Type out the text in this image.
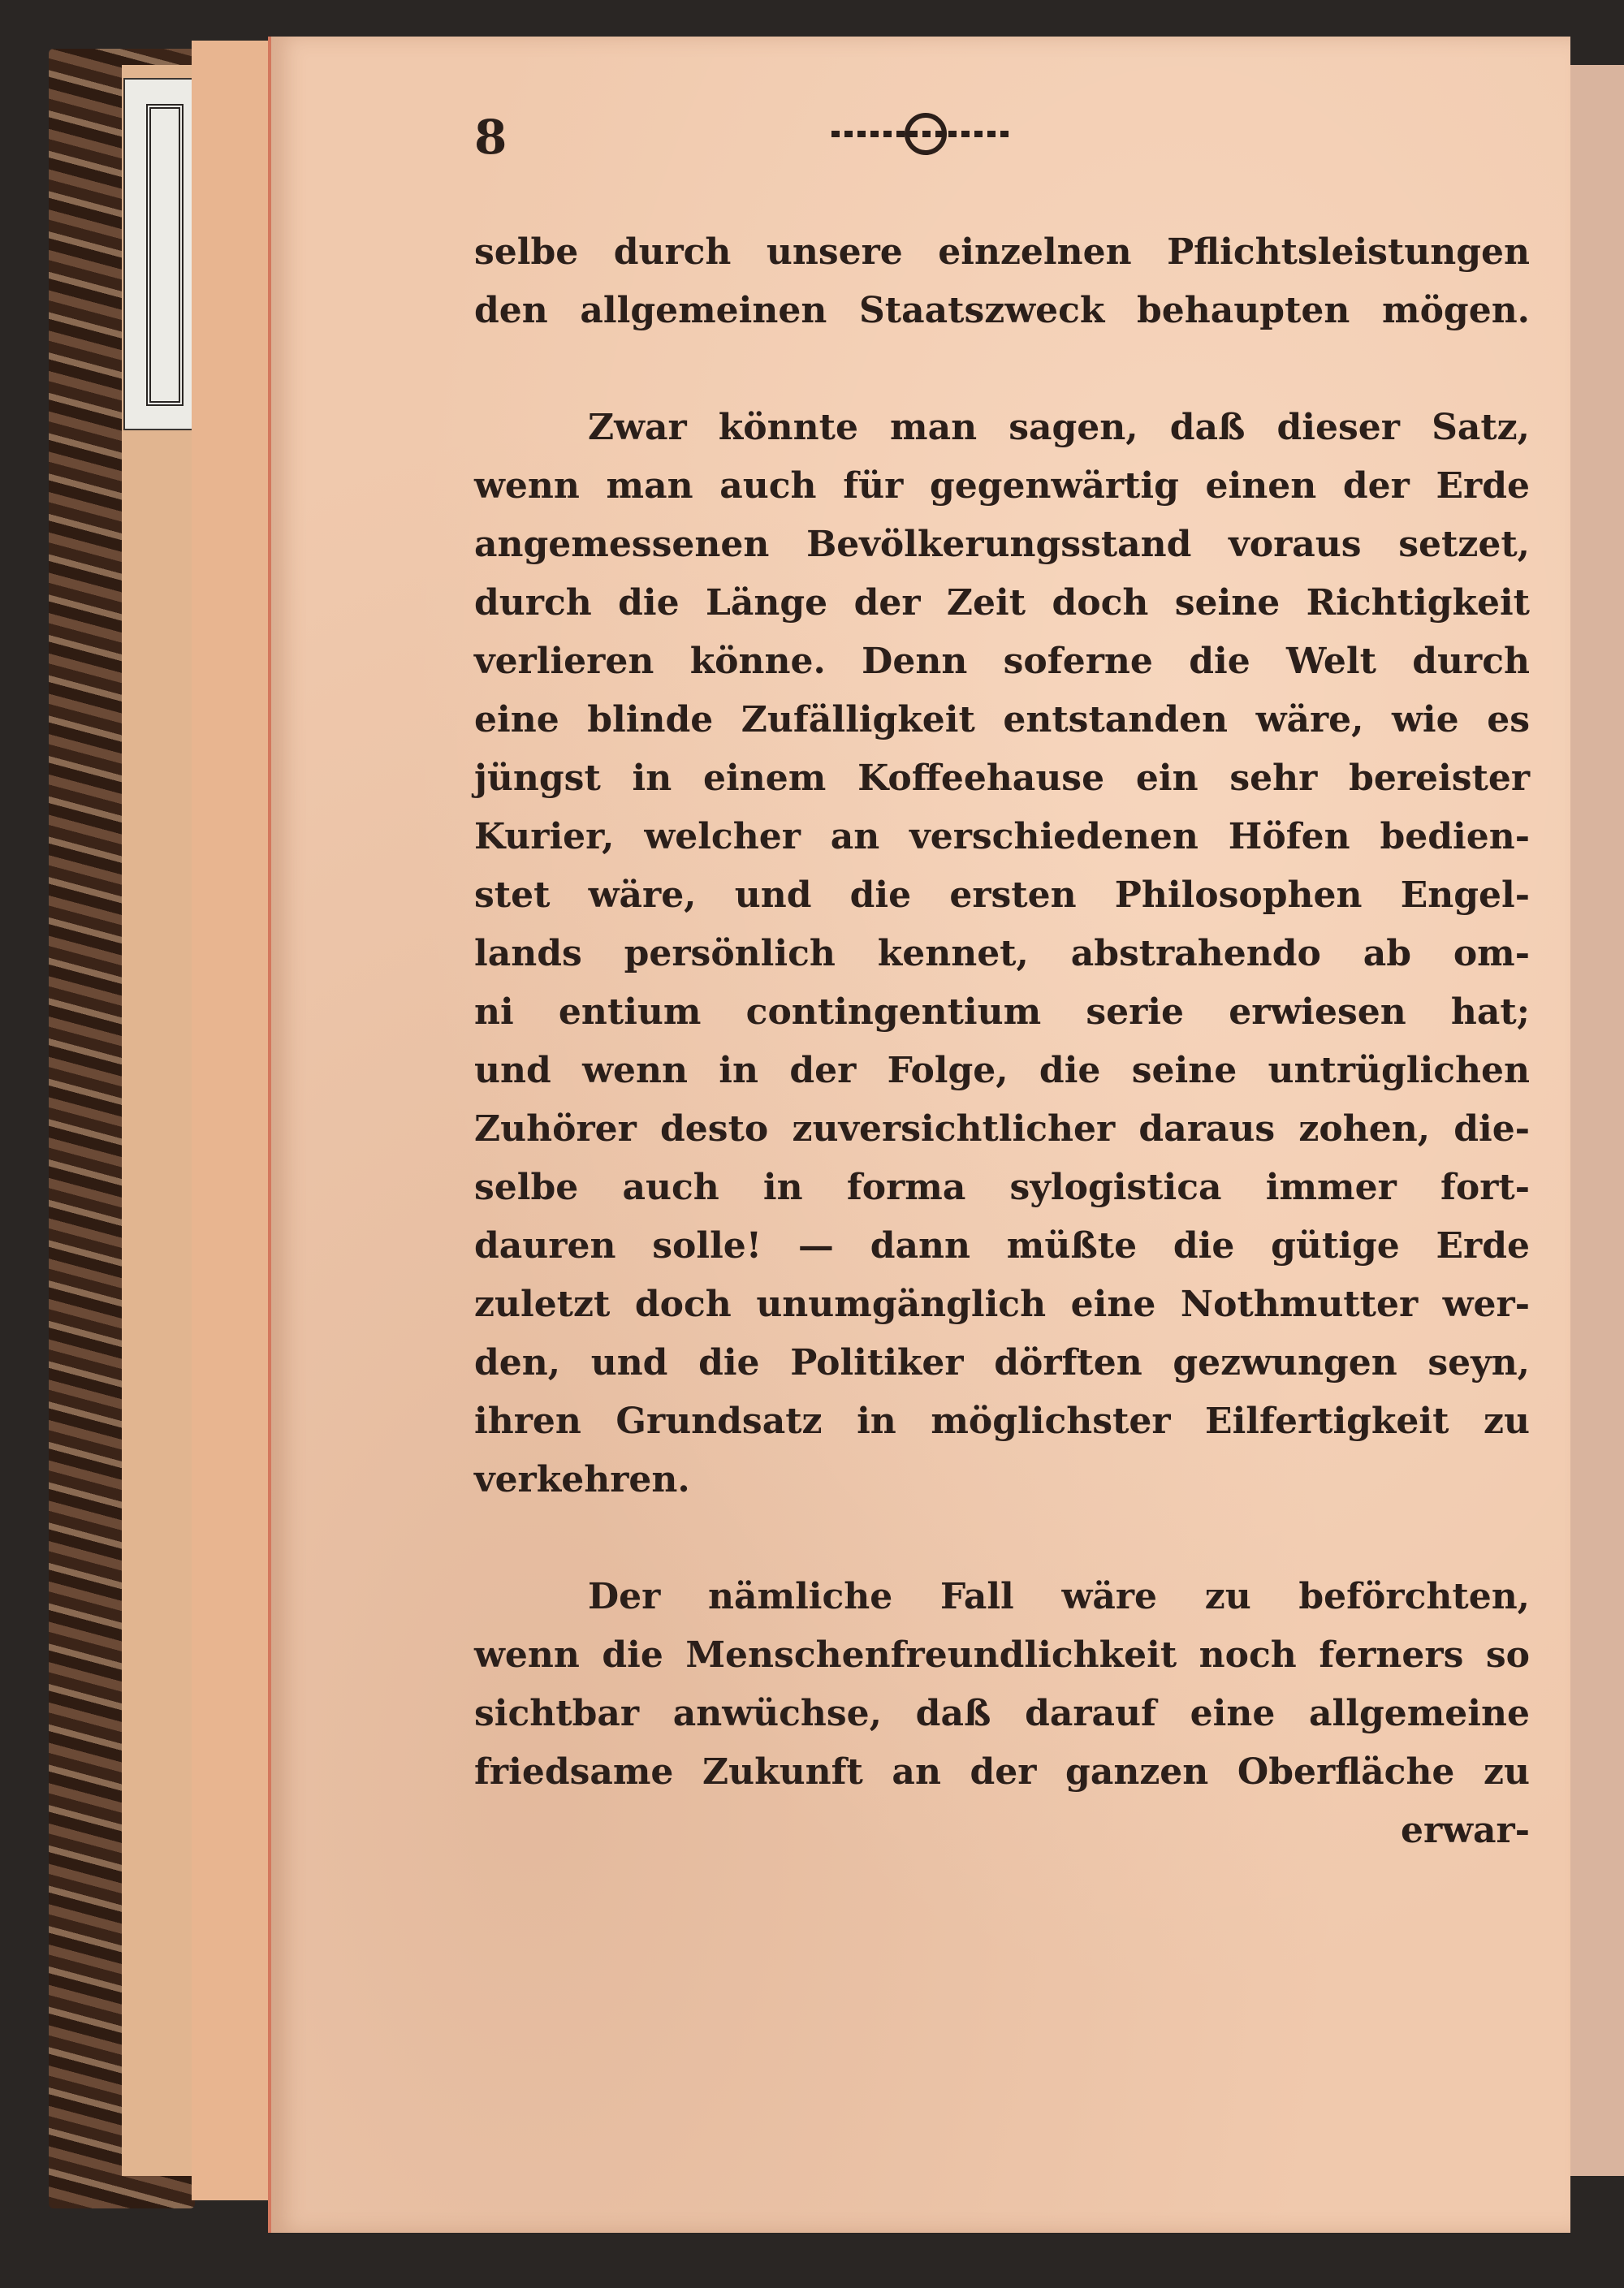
8
selbe durch unsere einzelnen Pflichtsleistungen
den allgemeinen Staatszweck behaupten mögen.
Zwar könnte man sagen, daß dieser Satz,
wenn man auch für gegenwärtig einen der Erde
angemessenen Bevölkerungsstand voraus setzet,
durch die Länge der Zeit doch seine Richtigkeit
verlieren könne. Denn soferne die Welt durch
eine blinde Zufälligkeit entstanden wäre, wie es
jüngst in einem Koffeehause ein sehr bereister
Kurier, welcher an verschiedenen Höfen bedien-
stet wäre, und die ersten Philosophen Engel-
lands persönlich kennet, abstrahendo ab om-
ni entium contingentium serie erwiesen hat;
und wenn in der Folge, die seine untrüglichen
Zuhörer desto zuversichtlicher daraus zohen, die-
selbe auch in forma sylogistica immer fort-
dauren solle! — dann müßte die gütige Erde
zuletzt doch unumgänglich eine Nothmutter wer-
den, und die Politiker dörften gezwungen seyn,
ihren Grundsatz in möglichster Eilfertigkeit zu
verkehren.
Der nämliche Fall wäre zu beförchten,
wenn die Menschenfreundlichkeit noch ferners so
sichtbar anwüchse, daß darauf eine allgemeine
friedsame Zukunft an der ganzen Oberfläche zu
erwar-
